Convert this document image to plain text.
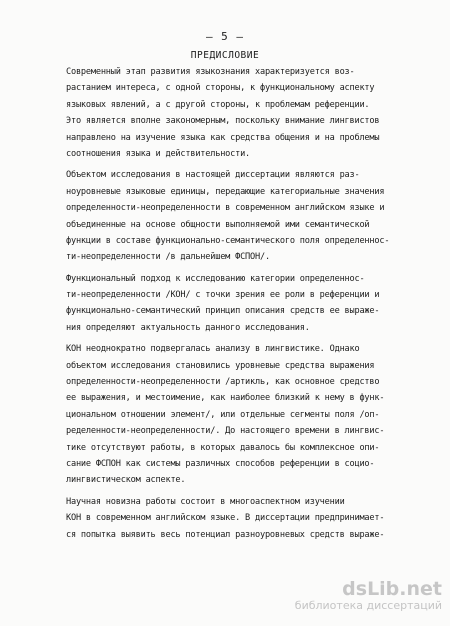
– 5 –
ПРЕДИСЛОВИЕ
Современный этап развития языкознания характеризуется воз-
растанием интереса, с одной стороны, к функциональному аспекту
языковых явлений, а с другой стороны, к проблемам референции.
Это является вполне закономерным, поскольку внимание лингвистов
направлено на изучение языка как средства общения и на проблемы
соотношения языка и действительности.
Объектом исследования в настоящей диссертации являются раз-
ноуровневые языковые единицы, передающие категориальные значения
определенности-неопределенности в современном английском языке и
объединенные на основе общности выполняемой ими семантической
функции в составе функционально-семантического поля определеннос-
ти-неопределенности /в дальнейшем ФСПОН/.
Функциональный подход к исследованию категории определеннос-
ти-неопределенности /КОН/ с точки зрения ее роли в референции и
функционально-семантический принцип описания средств ее выраже-
ния определяют актуальность данного исследования.
КОН неоднократно подвергалась анализу в лингвистике. Однако
объектом исследования становились уровневые средства выражения
определенности-неопределенности /артикль, как основное средство
ее выражения, и местоимение, как наиболее близкий к нему в функ-
циональном отношении элемент/, или отдельные сегменты поля /оп-
ределенности-неопределенности/. До настоящего времени в лингвис-
тике отсутствуют работы, в которых давалось бы комплексное опи-
сание ФСПОН как системы различных способов референции в социо-
лингвистическом аспекте.
Научная новизна работы состоит в многоаспектном изучении
КОН в современном английском языке. В диссертации предпринимает-
ся попытка выявить весь потенциал разноуровневых средств выраже-
dsLib.net
библиотека диссертаций
